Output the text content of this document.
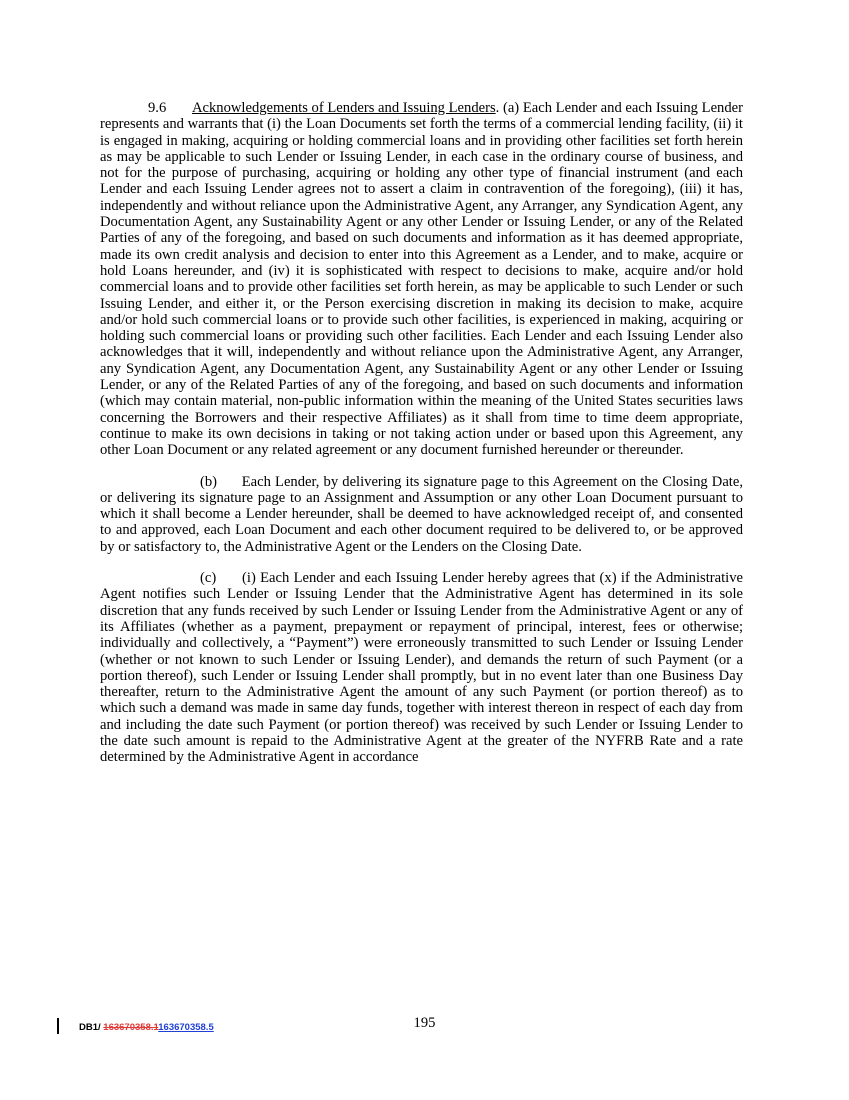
9.6 Acknowledgements of Lenders and Issuing Lenders. (a) Each Lender and each Issuing Lender represents and warrants that (i) the Loan Documents set forth the terms of a commercial lending facility, (ii) it is engaged in making, acquiring or holding commercial loans and in providing other facilities set forth herein as may be applicable to such Lender or Issuing Lender, in each case in the ordinary course of business, and not for the purpose of purchasing, acquiring or holding any other type of financial instrument (and each Lender and each Issuing Lender agrees not to assert a claim in contravention of the foregoing), (iii) it has, independently and without reliance upon the Administrative Agent, any Arranger, any Syndication Agent, any Documentation Agent, any Sustainability Agent or any other Lender or Issuing Lender, or any of the Related Parties of any of the foregoing, and based on such documents and information as it has deemed appropriate, made its own credit analysis and decision to enter into this Agreement as a Lender, and to make, acquire or hold Loans hereunder, and (iv) it is sophisticated with respect to decisions to make, acquire and/or hold commercial loans and to provide other facilities set forth herein, as may be applicable to such Lender or such Issuing Lender, and either it, or the Person exercising discretion in making its decision to make, acquire and/or hold such commercial loans or to provide such other facilities, is experienced in making, acquiring or holding such commercial loans or providing such other facilities. Each Lender and each Issuing Lender also acknowledges that it will, independently and without reliance upon the Administrative Agent, any Arranger, any Syndication Agent, any Documentation Agent, any Sustainability Agent or any other Lender or Issuing Lender, or any of the Related Parties of any of the foregoing, and based on such documents and information (which may contain material, non-public information within the meaning of the United States securities laws concerning the Borrowers and their respective Affiliates) as it shall from time to time deem appropriate, continue to make its own decisions in taking or not taking action under or based upon this Agreement, any other Loan Document or any related agreement or any document furnished hereunder or thereunder.

(b)      Each Lender, by delivering its signature page to this Agreement on the Closing Date, or delivering its signature page to an Assignment and Assumption or any other Loan Document pursuant to which it shall become a Lender hereunder, shall be deemed to have acknowledged receipt of, and consented to and approved, each Loan Document and each other document required to be delivered to, or be approved by or satisfactory to, the Administrative Agent or the Lenders on the Closing Date.

(c)      (i) Each Lender and each Issuing Lender hereby agrees that (x) if the Administrative Agent notifies such Lender or Issuing Lender that the Administrative Agent has determined in its sole discretion that any funds received by such Lender or Issuing Lender from the Administrative Agent or any of its Affiliates (whether as a payment, prepayment or repayment of principal, interest, fees or otherwise; individually and collectively, a “Payment”) were erroneously transmitted to such Lender or Issuing Lender (whether or not known to such Lender or Issuing Lender), and demands the return of such Payment (or a portion thereof), such Lender or Issuing Lender shall promptly, but in no event later than one Business Day thereafter, return to the Administrative Agent the amount of any such Payment (or portion thereof) as to which such a demand was made in same day funds, together with interest thereon in respect of each day from and including the date such Payment (or portion thereof) was received by such Lender or Issuing Lender to the date such amount is repaid to the Administrative Agent at the greater of the NYFRB Rate and a rate determined by the Administrative Agent in accordance

DB1/ 163670358.1163670358.5	195
